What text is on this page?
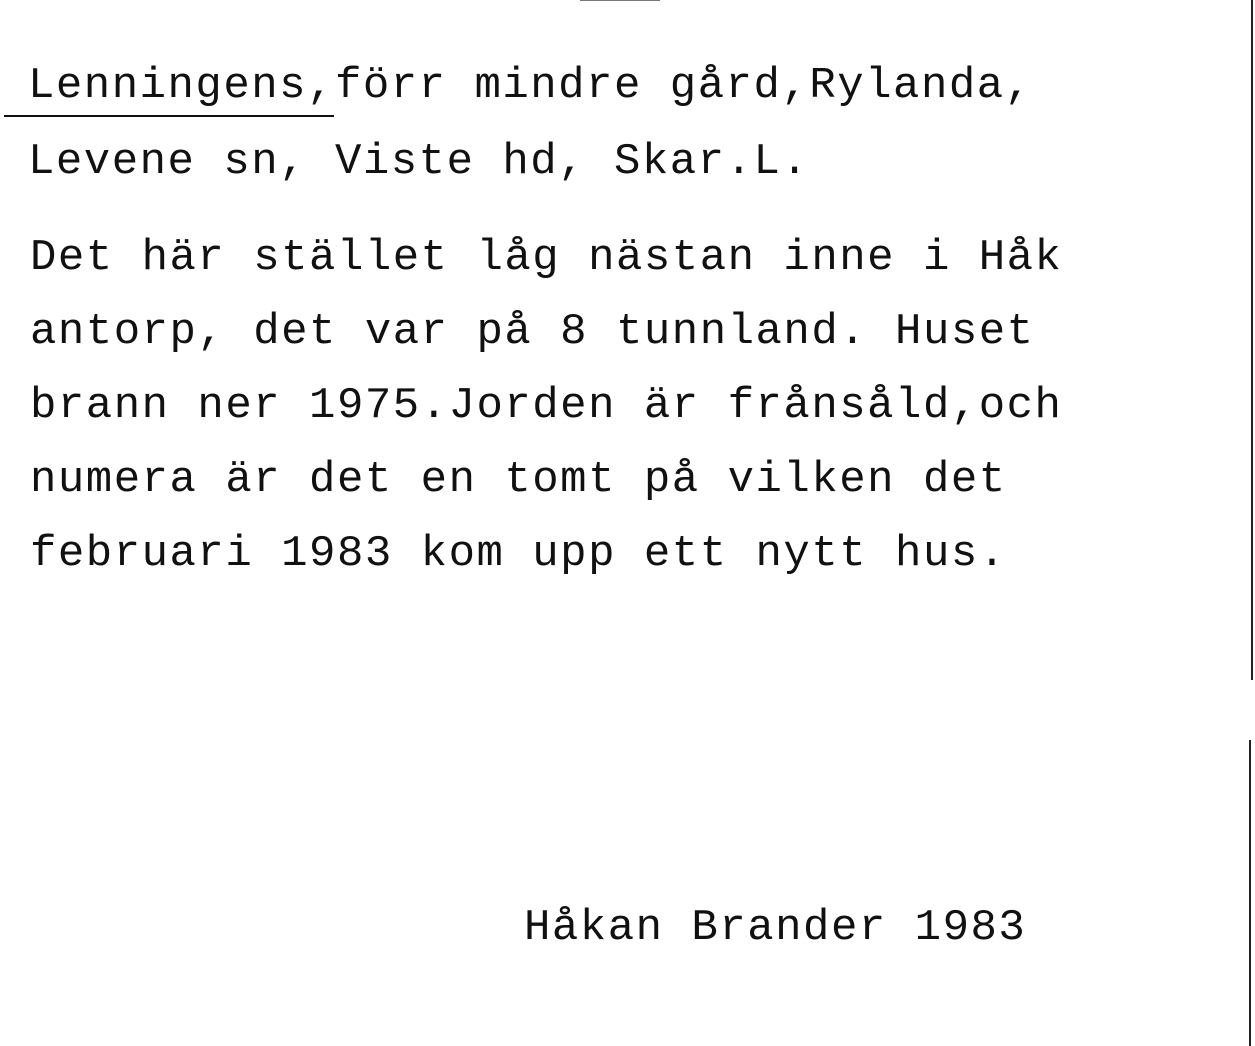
Lenningens,förr mindre gård,Rylanda,
Levene sn, Viste hd, Skar.L.
Det här stället låg nästan inne i Håk
antorp, det var på 8 tunnland. Huset
brann ner 1975.Jorden är frånsåld,och
numera är det en tomt på vilken det
februari 1983 kom upp ett nytt hus.
Håkan Brander 1983
